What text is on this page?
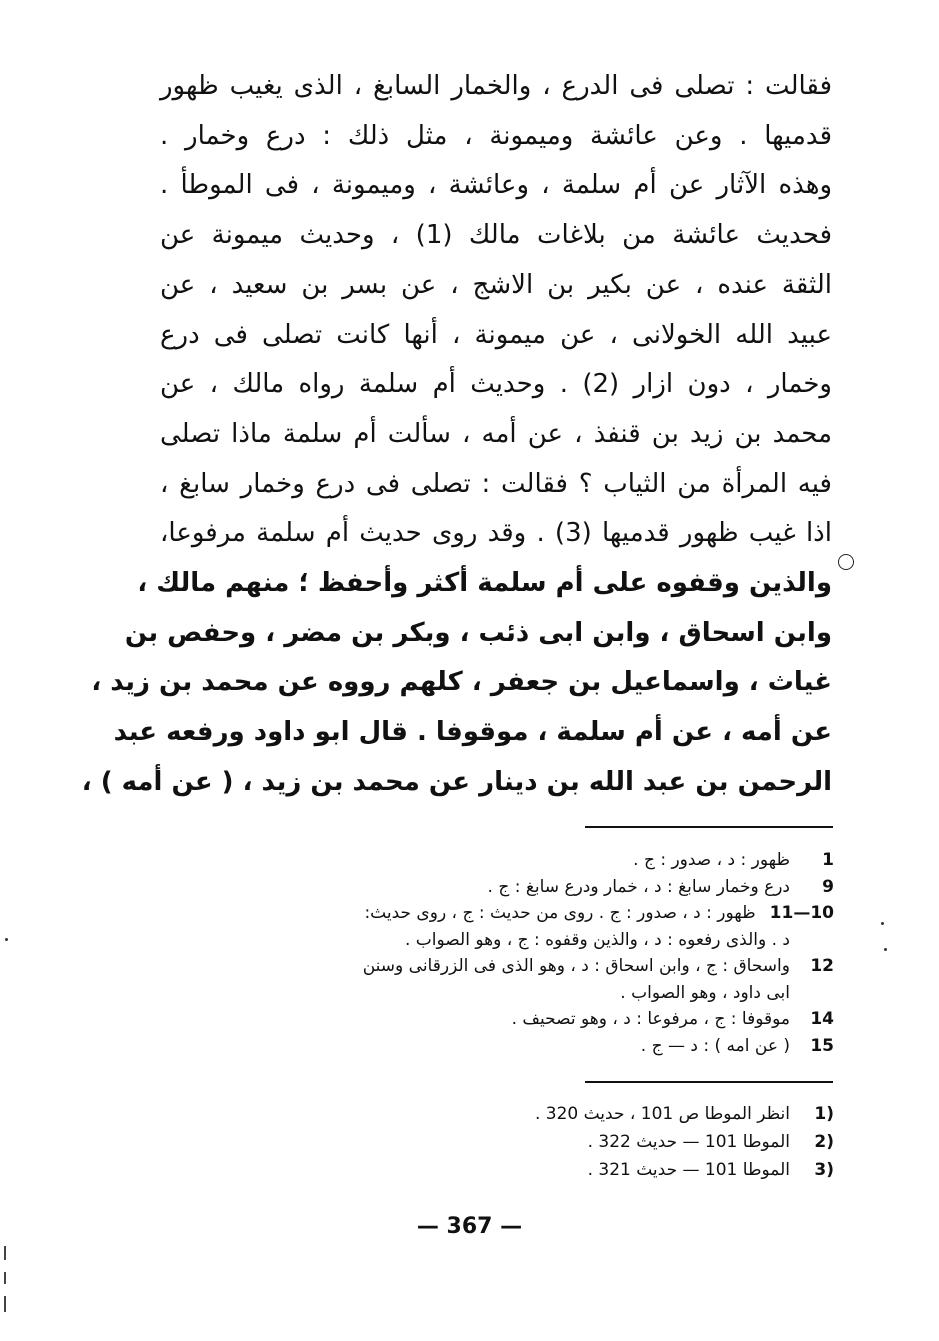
فقالت : تصلى فى الدرع ، والخمار السابغ ، الذى يغيب ظهور
قدميها . وعن عائشة وميمونة ، مثل ذلك : درع وخمار .
وهذه الآثار عن أم سلمة ، وعائشة ، وميمونة ، فى الموطأ .
فحديث عائشة من بلاغات مالك (1) ، وحديث ميمونة عن
الثقة عنده ، عن بكير بن الاشج ، عن بسر بن سعيد ، عن
عبيد الله الخولانى ، عن ميمونة ، أنها كانت تصلى فى درع
وخمار ، دون ازار (2) . وحديث أم سلمة رواه مالك ، عن
محمد بن زيد بن قنفذ ، عن أمه ، سألت أم سلمة ماذا تصلى
فيه المرأة من الثياب ؟ فقالت : تصلى فى درع وخمار سابغ ،
اذا غيب ظهور قدميها (3) . وقد روى حديث أم سلمة مرفوعا،
والذين وقفوه على أم سلمة أكثر وأحفظ ؛ منهم مالك ،
وابن اسحاق ، وابن ابى ذئب ، وبكر بن مضر ، وحفص بن
غياث ، واسماعيل بن جعفر ، كلهم رووه عن محمد بن زيد ،
عن أمه ، عن أم سلمة ، موقوفا . قال ابو داود ورفعه عبد
الرحمن بن عبد الله بن دينار عن محمد بن زيد ، ( عن أمه ) ،
1
ظهور : د ، صدور : ج .
9
درع وخمار سابغ : د ، خمار ودرع سابغ : ج .
10—11
ظهور : د ، صدور : ج . روى من حديث : ج ، روى حديث:
د . والذى رفعوه : د ، والذين وقفوه : ج ، وهو الصواب .
12
واسحاق : ج ، وابن اسحاق : د ، وهو الذى فى الزرقانى وسنن
ابى داود ، وهو الصواب .
14
موقوفا : ج ، مرفوعا : د ، وهو تصحيف .
15
( عن امه ) : د — ج .
(1
انظر الموطا ص 101 ، حديث 320 .
(2
الموطا 101 — حديث 322 .
(3
الموطا 101 — حديث 321 .
— 367 —
